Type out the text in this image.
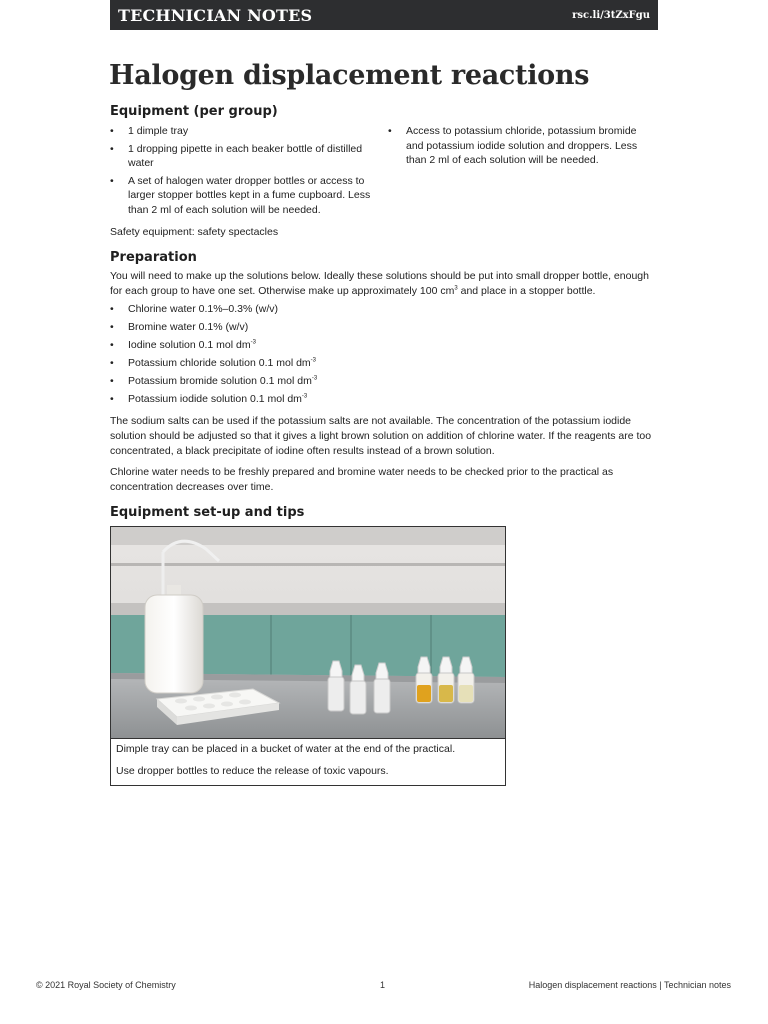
TECHNICIAN NOTES	rsc.li/3tZxFgu
Halogen displacement reactions
Equipment (per group)
• 1 dimple tray
• 1 dropping pipette in each beaker bottle of distilled water
• A set of halogen water dropper bottles or access to larger stopper bottles kept in a fume cupboard. Less than 2 ml of each solution will be needed.
• Access to potassium chloride, potassium bromide and potassium iodide solution and droppers. Less than 2 ml of each solution will be needed.
Safety equipment: safety spectacles
Preparation
You will need to make up the solutions below. Ideally these solutions should be put into small dropper bottle, enough for each group to have one set. Otherwise make up approximately 100 $cm^3$ and place in a stopper bottle.
• Chlorine water 0.1%–0.3% (w/v)
• Bromine water 0.1% (w/v)
• Iodine solution 0.1 mol $dm^{-3}$
• Potassium chloride solution 0.1 mol $dm^{-3}$
• Potassium bromide solution 0.1 mol $dm^{-3}$
• Potassium iodide solution 0.1 mol $dm^{-3}$
The sodium salts can be used if the potassium salts are not available. The concentration of the potassium iodide solution should be adjusted so that it gives a light brown solution on addition of chlorine water. If the reagents are too concentrated, a black precipitate of iodine often results instead of a brown solution.
Chlorine water needs to be freshly prepared and bromine water needs to be checked prior to the practical as concentration decreases over time.
Equipment set-up and tips

Dimple tray can be placed in a bucket of water at the end of the practical.

Use dropper bottles to reduce the release of toxic vapours.

© 2021 Royal Society of Chemistry	1	Halogen displacement reactions | Technician notes
